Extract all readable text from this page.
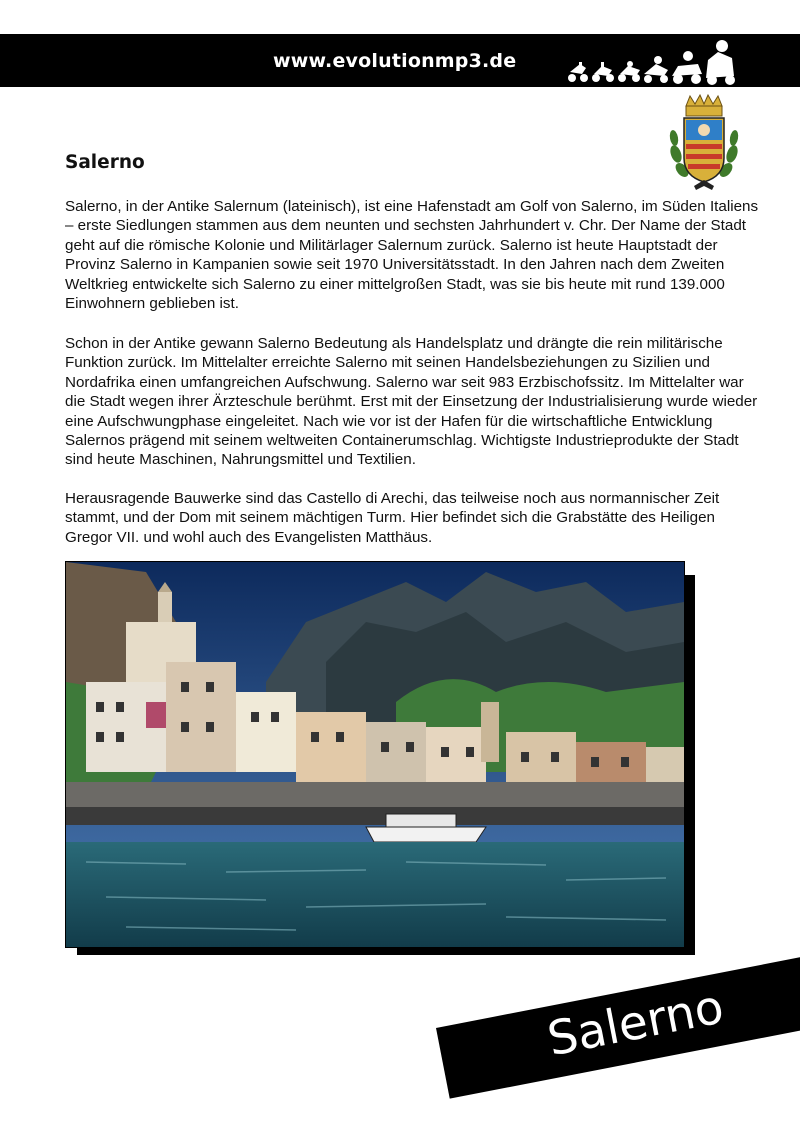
www.evolutionmp3.de
Salerno

Salerno, in der Antike Salernum (lateinisch), ist eine Hafenstadt am Golf von Salerno, im Süden Italiens – erste Siedlungen stammen aus dem neunten und sechsten Jahrhundert v. Chr. Der Name der Stadt geht auf die römische Kolonie und Militärlager Salernum zurück. Salerno ist heute Hauptstadt der Provinz Salerno in Kampanien sowie seit 1970 Universitätsstadt. In den Jahren nach dem Zweiten Weltkrieg entwickelte sich Salerno zu einer mittelgroßen Stadt, was sie bis heute mit rund 139.000 Einwohnern geblieben ist.

Schon in der Antike gewann Salerno Bedeutung als Handelsplatz und drängte die rein militärische Funktion zurück. Im Mittelalter erreichte Salerno mit seinen Handelsbeziehungen zu Sizilien und Nordafrika einen umfangreichen Aufschwung. Salerno war seit 983 Erzbischofssitz. Im Mittelalter war die Stadt wegen ihrer Ärzteschule berühmt. Erst mit der Einsetzung der Industrialisierung wurde wieder eine Aufschwungphase eingeleitet. Nach wie vor ist der Hafen für die wirtschaftliche Entwicklung Salernos prägend mit seinem weltweiten Containerumschlag. Wichtigste Industrieprodukte der Stadt sind heute Maschinen, Nahrungsmittel und Textilien.

Herausragende Bauwerke sind das Castello di Arechi, das teilweise noch aus normannischer Zeit stammt, und der Dom mit seinem mächtigen Turm. Hier befindet sich die Grabstätte des Heiligen Gregor VII. und wohl auch des Evangelisten Matthäus.

Salerno
